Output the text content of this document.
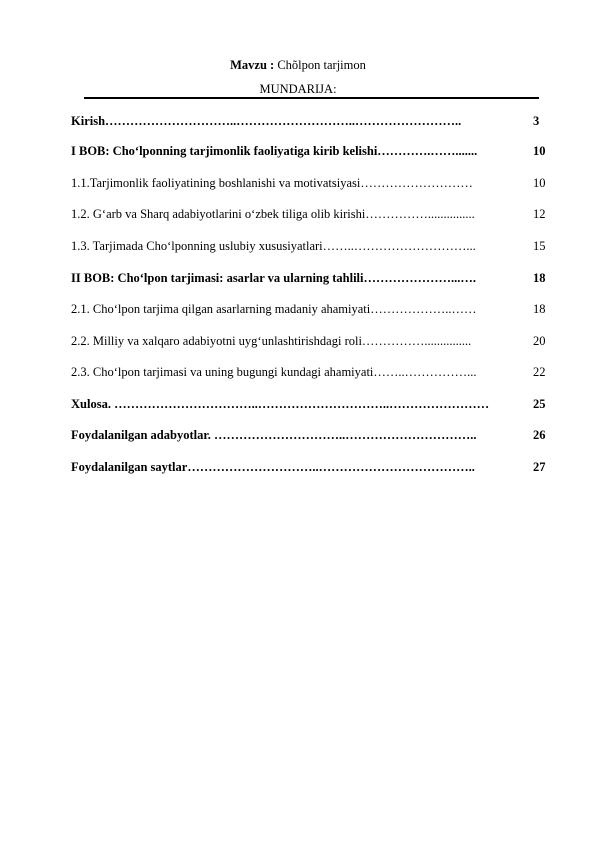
Mavzu : Chõlpon tarjimon
MUNDARIJA:
Kirish…………………………..………………………..……………………..	3
I BOB: Cho‘lponning tarjimonlik faoliyatiga kirib kelishi………….…….......	10
1.1.Tarjimonlik faoliyatining boshlanishi va motivatsiyasi………………………	10
1.2. G‘arb va Sharq adabiyotlarini o‘zbek tiliga olib kirishi……………...............	12
1.3. Tarjimada Cho‘lponning uslubiy xususiyatlari……..………………………...	15
II BOB: Cho‘lpon tarjimasi: asarlar va ularning tahlili…………………...….	18
2.1. Cho‘lpon tarjima qilgan asarlarning madaniy ahamiyati………………..……	18
2.2. Milliy va xalqaro adabiyotni uyg‘unlashtirishdagi roli……………...............	20
2.3. Cho‘lpon tarjimasi va uning bugungi kundagi ahamiyati……..……………...	22
Xulosa. ……………………………..…………………………..……………………	25
Foydalanilgan adabyotlar. …………………………..…………………………..	26
Foydalanilgan saytlar…………………………..………………………………..	27
